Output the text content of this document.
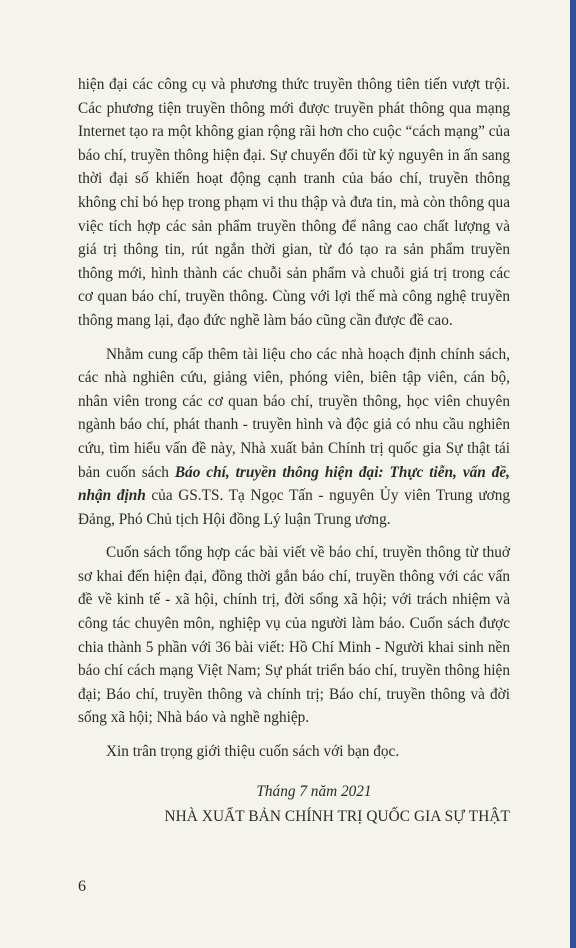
hiện đại các công cụ và phương thức truyền thông tiên tiến vượt trội. Các phương tiện truyền thông mới được truyền phát thông qua mạng Internet tạo ra một không gian rộng rãi hơn cho cuộc “cách mạng” của báo chí, truyền thông hiện đại. Sự chuyển đổi từ kỷ nguyên in ấn sang thời đại số khiến hoạt động cạnh tranh của báo chí, truyền thông không chỉ bó hẹp trong phạm vi thu thập và đưa tin, mà còn thông qua việc tích hợp các sản phẩm truyền thông để nâng cao chất lượng và giá trị thông tin, rút ngắn thời gian, từ đó tạo ra sản phẩm truyền thông mới, hình thành các chuỗi sản phẩm và chuỗi giá trị trong các cơ quan báo chí, truyền thông. Cùng với lợi thế mà công nghệ truyền thông mang lại, đạo đức nghề làm báo cũng cần được đề cao.

Nhằm cung cấp thêm tài liệu cho các nhà hoạch định chính sách, các nhà nghiên cứu, giảng viên, phóng viên, biên tập viên, cán bộ, nhân viên trong các cơ quan báo chí, truyền thông, học viên chuyên ngành báo chí, phát thanh - truyền hình và độc giả có nhu cầu nghiên cứu, tìm hiểu vấn đề này, Nhà xuất bản Chính trị quốc gia Sự thật tái bản cuốn sách Báo chí, truyền thông hiện đại: Thực tiễn, vấn đề, nhận định của GS.TS. Tạ Ngọc Tấn - nguyên Ủy viên Trung ương Đảng, Phó Chủ tịch Hội đồng Lý luận Trung ương.

Cuốn sách tổng hợp các bài viết về báo chí, truyền thông từ thuở sơ khai đến hiện đại, đồng thời gắn báo chí, truyền thông với các vấn đề về kinh tế - xã hội, chính trị, đời sống xã hội; với trách nhiệm và công tác chuyên môn, nghiệp vụ của người làm báo. Cuốn sách được chia thành 5 phần với 36 bài viết: Hồ Chí Minh - Người khai sinh nền báo chí cách mạng Việt Nam; Sự phát triển báo chí, truyền thông hiện đại; Báo chí, truyền thông và chính trị; Báo chí, truyền thông và đời sống xã hội; Nhà báo và nghề nghiệp.

Xin trân trọng giới thiệu cuốn sách với bạn đọc.

Tháng 7 năm 2021
NHÀ XUẤT BẢN CHÍNH TRỊ QUỐC GIA SỰ THẬT
6
